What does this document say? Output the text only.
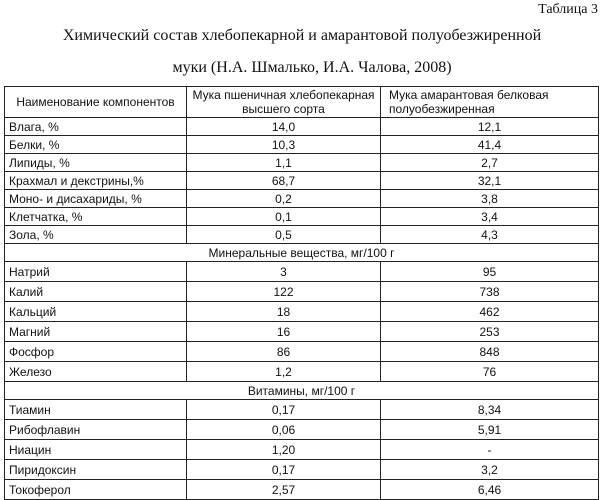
Таблица 3
Химический состав хлебопекарной и амарантовой полуобезжиренной
муки (Н.А. Шмалько, И.А. Чалова, 2008)
Наименование компонентов	Мука пшеничная хлебопекарная высшего сорта	Мука амарантовая белковая полуобезжиренная
Влага, %	14,0	12,1
Белки, %	10,3	41,4
Липиды, %	1,1	2,7
Крахмал и декстрины,%	68,7	32,1
Моно- и дисахариды, %	0,2	3,8
Клетчатка, %	0,1	3,4
Зола, %	0,5	4,3
Минеральные вещества, мг/100 г		
Натрий	3	95
Калий	122	738
Кальций	18	462
Магний	16	253
Фосфор	86	848
Железо	1,2	76
Витамины, мг/100 г		
Тиамин	0,17	8,34
Рибофлавин	0,06	5,91
Ниацин	1,20	-
Пиридоксин	0,17	3,2
Токоферол	2,57	6,46
